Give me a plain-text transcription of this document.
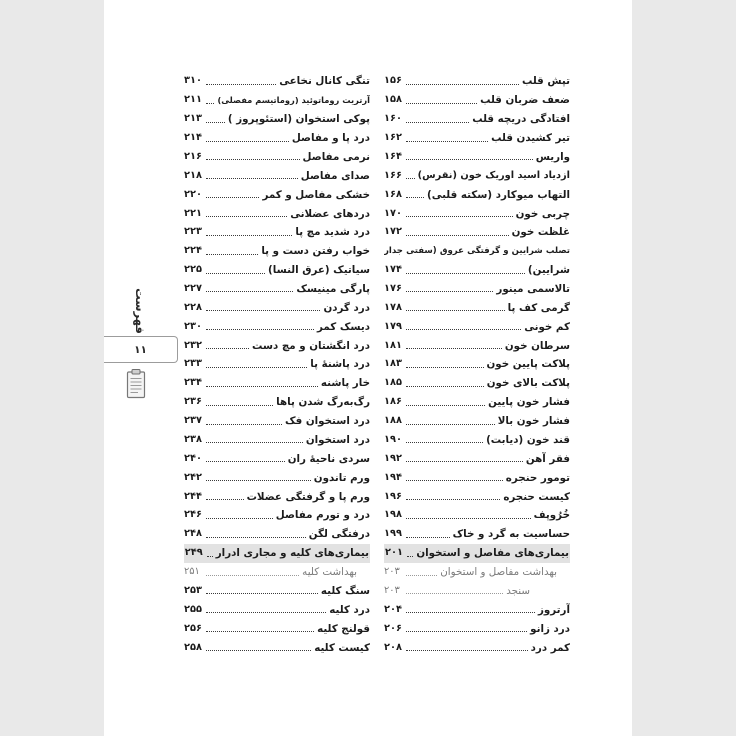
فهرست
۱۱
تپش قلب
۱۵۶
ضعف ضربان قلب
۱۵۸
افتادگی دریچه قلب
۱۶۰
تیر کشیدن قلب
۱۶۲
واریس
۱۶۴
ازدیاد اسید اوریک خون (نقرس)
۱۶۶
التهاب میوکارد (سکته قلبی)
۱۶۸
چربی خون
۱۷۰
غلظت خون
۱۷۲
تصلب شرایین و گرفتگی عروق (سفتی جدار
شرایین)
۱۷۴
تالاسمی مینور
۱۷۶
گرمی کف پا
۱۷۸
کم خونی
۱۷۹
سرطان خون
۱۸۱
پلاکت پایین خون
۱۸۳
پلاکت بالای خون
۱۸۵
فشار خون پایین
۱۸۶
فشار خون بالا
۱۸۸
قند خون (دیابت)
۱۹۰
فقر آهن
۱۹۲
تومور حنجره
۱۹۴
کیست حنجره
۱۹۶
خُرُوپف
۱۹۸
حساسیت به گرد و خاک
۱۹۹
بیماری‌های مفاصل و استخوان
۲۰۱
بهداشت مفاصل و استخوان
۲۰۳
سنجد
۲۰۳
آرتروز
۲۰۴
درد زانو
۲۰۶
کمر درد
۲۰۸
تنگی کانال نخاعی
۳۱۰
آرتریت روماتوئید (روماتیسم مفصلی)
۲۱۱
پوکی استخوان (استئوپروز )
۲۱۳
درد پا و مفاصل
۲۱۴
نرمی مفاصل
۲۱۶
صدای مفاصل
۲۱۸
خشکی مفاصل و کمر
۲۲۰
دردهای عضلانی
۲۲۱
درد شدید مچ پا
۲۲۳
خواب رفتن دست و پا
۲۲۴
سیاتیک (عرق النسا)
۲۲۵
پارگی مینیسک
۲۲۷
درد گردن
۲۲۸
دیسک کمر
۲۳۰
درد انگشتان و مچ دست
۲۳۲
درد پاشنهٔ پا
۲۳۳
خار پاشنه
۲۳۴
رگ‌به‌رگ شدن پاها
۲۳۶
درد استخوان فک
۲۳۷
درد استخوان
۲۳۸
سردی ناحیهٔ ران
۲۴۰
ورم تاندون
۲۴۲
ورم پا و گرفتگی عضلات
۲۴۴
درد و تورم مفاصل
۲۴۶
درفتگی لگن
۲۴۸
بیماری‌های کلیه و مجاری ادرار
۲۴۹
بهداشت کلیه
۲۵۱
سنگ کلیه
۲۵۳
درد کلیه
۲۵۵
قولنج کلیه
۲۵۶
کیست کلیه
۲۵۸
